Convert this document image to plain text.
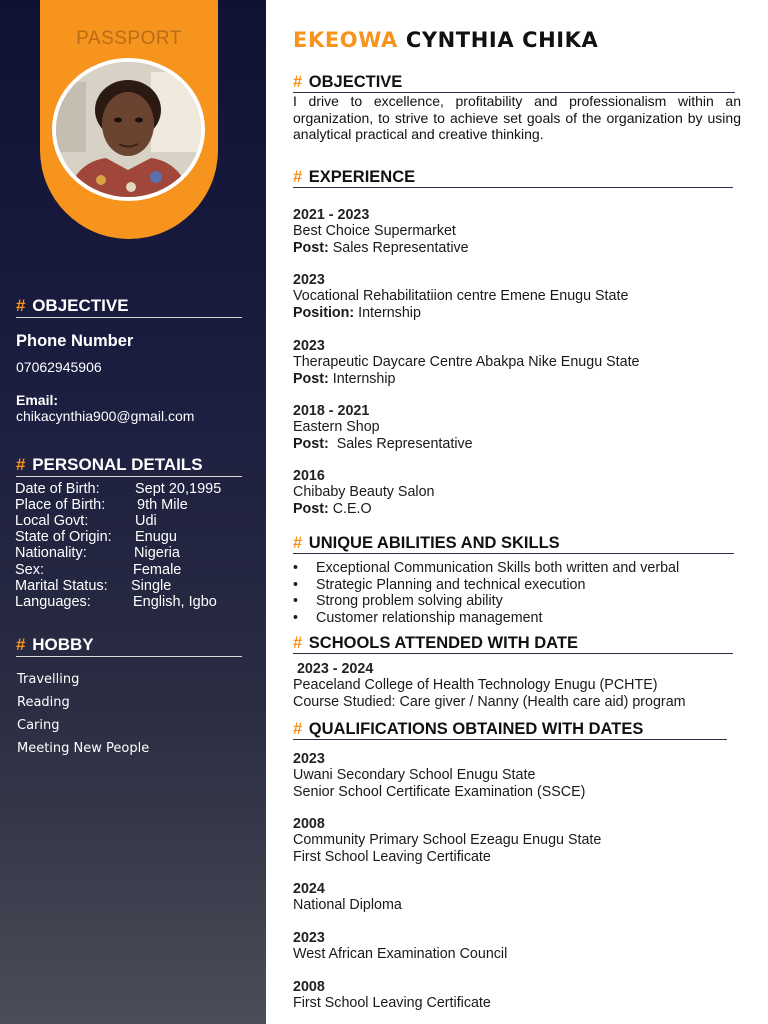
PASSPORT
# OBJECTIVE
Phone Number
07062945906
Email:
chikacynthia900@gmail.com
# PERSONAL DETAILS
Date of Birth: Sept 20,1995
Place of Birth: 9th Mile
Local Govt:	Udi
State of Origin: Enugu
Nationality:	Nigeria
Sex:	Female
Marital Status: Single
Languages:	English, Igbo
# HOBBY
Travelling
Reading
Caring
Meeting New People
EKEOWA CYNTHIA CHIKA
# OBJECTIVE
I drive to excellence, profitability and professionalism within an organization, to strive to achieve set goals of the organization by using analytical practical and creative thinking.
# EXPERIENCE
2021 - 2023
Best Choice Supermarket
Post: Sales Representative
2023
Vocational Rehabilitatiion centre Emene Enugu State
Position: Internship
2023
Therapeutic Daycare Centre Abakpa Nike Enugu State
Post: Internship
2018 - 2021
Eastern Shop
Post:  Sales Representative
2016
Chibaby Beauty Salon
Post: C.E.O
# UNIQUE ABILITIES AND SKILLS
• Exceptional Communication Skills both written and verbal
• Strategic Planning and technical execution
• Strong problem solving ability
• Customer relationship management
# SCHOOLS ATTENDED WITH DATE
2023 - 2024
Peaceland College of Health Technology Enugu (PCHTE)
Course Studied: Care giver / Nanny (Health care aid) program
# QUALIFICATIONS OBTAINED WITH DATES
2023
Uwani Secondary School Enugu State
Senior School Certificate Examination (SSCE)
2008
Community Primary School Ezeagu Enugu State
First School Leaving Certificate
2024
National Diploma
2023
West African Examination Council
2008
First School Leaving Certificate
